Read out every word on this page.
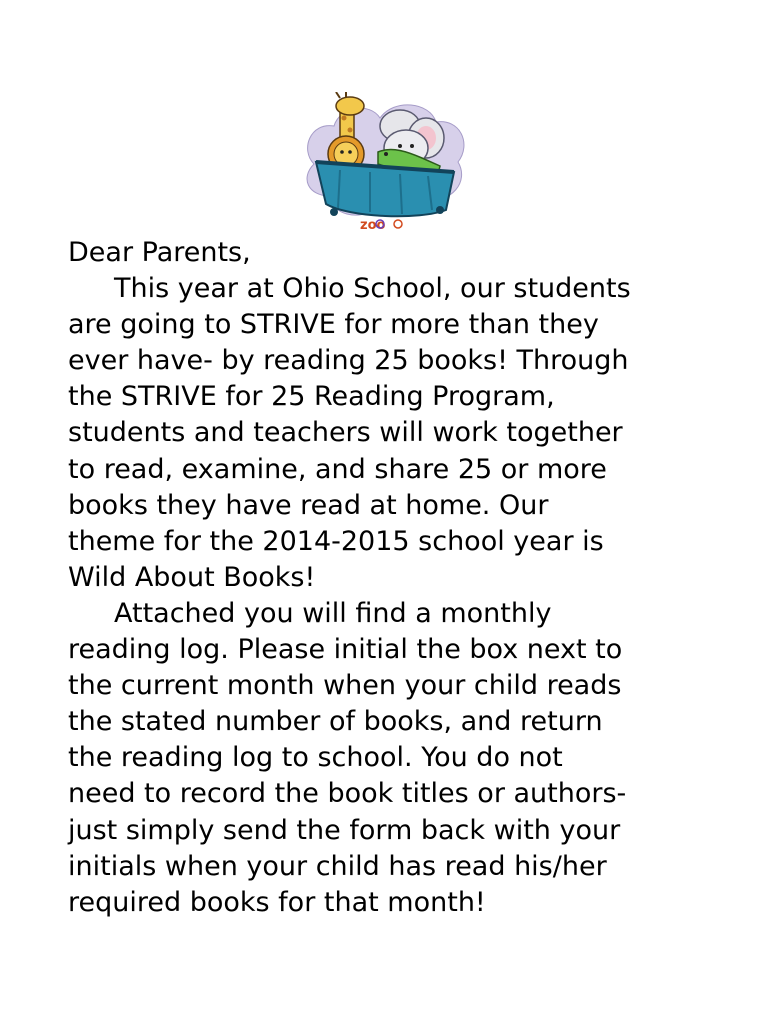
zoo

Dear Parents,

This year at Ohio School, our students
are going to STRIVE for more than they
ever have- by reading 25 books! Through
the STRIVE for 25 Reading Program,
students and teachers will work together
to read, examine, and share 25 or more
books they have read at home. Our
theme for the 2014-2015 school year is
Wild About Books!

Attached you will find a monthly
reading log. Please initial the box next to
the current month when your child reads
the stated number of books, and return
the reading log to school. You do not
need to record the book titles or authors-
just simply send the form back with your
initials when your child has read his/her
required books for that month!
